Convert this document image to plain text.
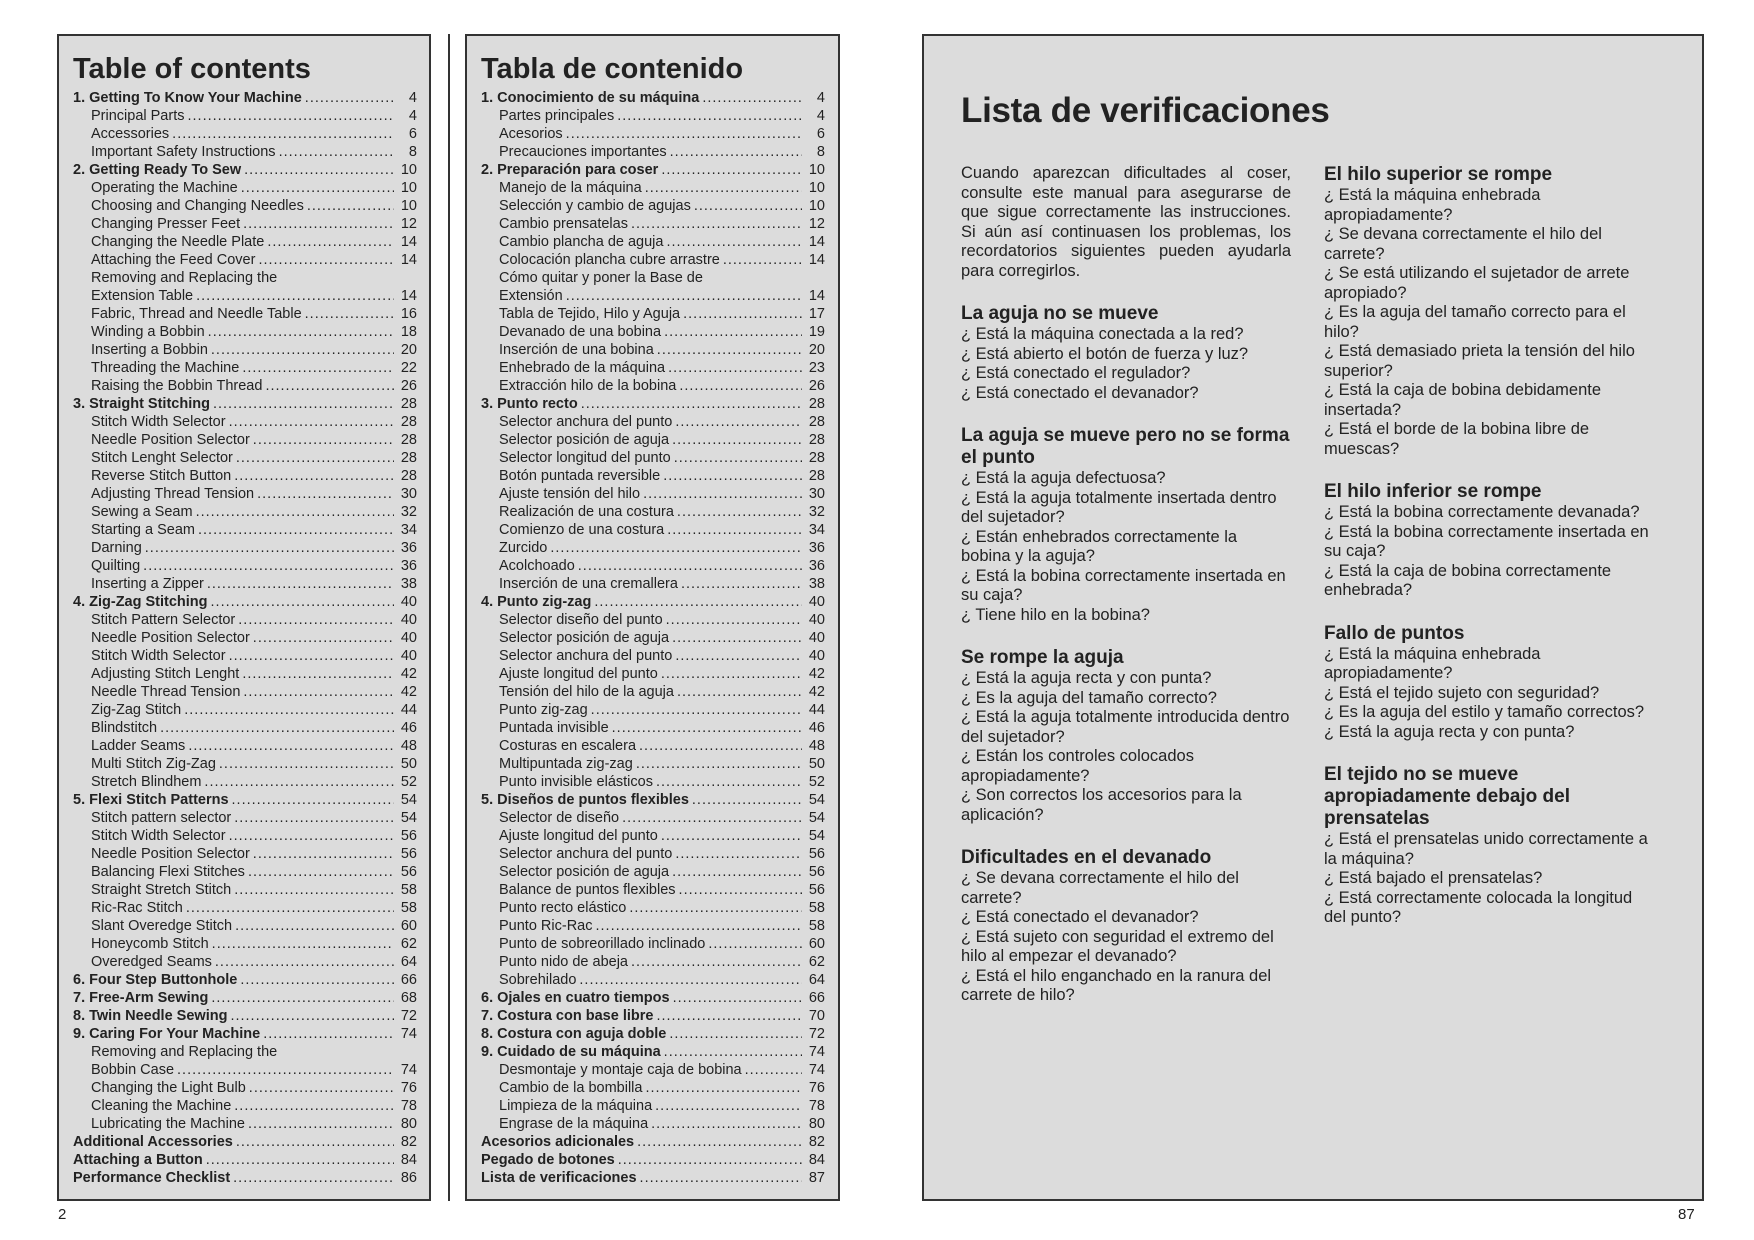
Table of contents
1. Getting To Know Your Machine .....	4
Principal Parts .....	4
Accessories .....	6
Important Safety Instructions .....	8
2. Getting Ready To Sew .....	10
Operating the Machine .....	10
Choosing and Changing Needles .....	10
Changing Presser Feet .....	12
Changing the Needle Plate .....	14
Attaching the Feed Cover .....	14
Removing and Replacing the
Extension Table .....	14
Fabric, Thread and Needle Table .....	16
Winding a Bobbin .....	18
Inserting a Bobbin .....	20
Threading the Machine .....	22
Raising the Bobbin Thread .....	26
3. Straight Stitching .....	28
Stitch Width Selector .....	28
Needle Position Selector .....	28
Stitch Lenght Selector .....	28
Reverse Stitch Button .....	28
Adjusting Thread Tension .....	30
Sewing a Seam .....	32
Starting a Seam .....	34
Darning .....	36
Quilting .....	36
Inserting a Zipper .....	38
4. Zig-Zag Stitching .....	40
Stitch Pattern Selector .....	40
Needle Position Selector .....	40
Stitch Width Selector .....	40
Adjusting Stitch Lenght .....	42
Needle Thread Tension .....	42
Zig-Zag Stitch .....	44
Blindstitch .....	46
Ladder Seams .....	48
Multi Stitch Zig-Zag .....	50
Stretch Blindhem .....	52
5. Flexi Stitch Patterns .....	54
Stitch pattern selector .....	54
Stitch Width Selector .....	56
Needle Position Selector .....	56
Balancing Flexi Stitches .....	56
Straight Stretch Stitch .....	58
Ric-Rac Stitch .....	58
Slant Overedge Stitch .....	60
Honeycomb Stitch .....	62
Overedged Seams .....	64
6. Four Step Buttonhole .....	66
7. Free-Arm Sewing .....	68
8. Twin Needle Sewing .....	72
9. Caring For Your Machine .....	74
Removing and Replacing the
Bobbin Case .....	74
Changing the Light Bulb .....	76
Cleaning the Machine .....	78
Lubricating the Machine .....	80
Additional Accessories .....	82
Attaching a Button .....	84
Performance Checklist .....	86
Tabla de contenido
1. Conocimiento de su máquina .....	4
Partes principales .....	4
Acesorios .....	6
Precauciones importantes .....	8
2. Preparación para coser .....	10
Manejo de la máquina .....	10
Selección y cambio de agujas .....	10
Cambio prensatelas .....	12
Cambio plancha de aguja .....	14
Colocación plancha cubre arrastre .....	14
Cómo quitar y poner la Base de
Extensión .....	14
Tabla de Tejido, Hilo y Aguja .....	17
Devanado de una bobina .....	19
Inserción de una bobina .....	20
Enhebrado de la máquina .....	23
Extracción hilo de la bobina .....	26
3. Punto recto .....	28
Selector anchura del punto .....	28
Selector posición de aguja .....	28
Selector longitud del punto .....	28
Botón puntada reversible .....	28
Ajuste tensión del hilo .....	30
Realización de una costura .....	32
Comienzo de una costura .....	34
Zurcido .....	36
Acolchoado .....	36
Inserción de una cremallera .....	38
4. Punto zig-zag .....	40
Selector diseño del punto .....	40
Selector posición de aguja .....	40
Selector anchura del punto .....	40
Ajuste longitud del punto .....	42
Tensión del hilo de la aguja .....	42
Punto zig-zag .....	44
Puntada invisible .....	46
Costuras en escalera .....	48
Multipuntada zig-zag .....	50
Punto invisible elásticos .....	52
5. Diseños de puntos flexibles .....	54
Selector de diseño .....	54
Ajuste longitud del punto .....	54
Selector anchura del punto .....	56
Selector posición de aguja .....	56
Balance de puntos flexibles .....	56
Punto recto elástico .....	58
Punto Ric-Rac .....	58
Punto de sobreorillado inclinado .....	60
Punto nido de abeja .....	62
Sobrehilado .....	64
6. Ojales en cuatro tiempos .....	66
7. Costura con base libre .....	70
8. Costura con aguja doble .....	72
9. Cuidado de su máquina .....	74
Desmontaje y montaje caja de bobina .....	74
Cambio de la bombilla .....	76
Limpieza de la máquina .....	78
Engrase de la máquina .....	80
Acesorios adicionales .....	82
Pegado de botones .....	84
Lista de verificaciones .....	87
Lista de verificaciones

Cuando aparezcan dificultades al coser, consulte este manual para asegurarse de que sigue correctamente las instrucciones. Si aún así continuasen los problemas, los recordatorios siguientes pueden ayudarla para corregirlos.

La aguja no se mueve
¿ Está la máquina conectada a la red?
¿ Está abierto el botón de fuerza y luz?
¿ Está conectado el regulador?
¿ Está conectado el devanador?
La aguja se mueve pero no se forma el punto
¿ Está la aguja defectuosa?
¿ Está la aguja totalmente insertada dentro del sujetador?
¿ Están enhebrados correctamente la bobina y la aguja?
¿ Está la bobina correctamente insertada en su caja?
¿ Tiene hilo en la bobina?
Se rompe la aguja
¿ Está la aguja recta y con punta?
¿ Es la aguja del tamaño correcto?
¿ Está la aguja totalmente introducida dentro del sujetador?
¿ Están los controles colocados apropiadamente?
¿ Son correctos los accesorios para la aplicación?
Dificultades en el devanado
¿ Se devana correctamente el hilo del carrete?
¿ Está conectado el devanador?
¿ Está sujeto con seguridad el extremo del hilo al empezar el devanado?
¿ Está el hilo enganchado en la ranura del carrete de hilo?
El hilo superior se rompe
¿ Está la máquina enhebrada apropiadamente?
¿ Se devana correctamente el hilo del carrete?
¿ Se está utilizando el sujetador de arrete apropiado?
¿ Es la aguja del tamaño correcto para el hilo?
¿ Está demasiado prieta la tensión del hilo superior?
¿ Está la caja de bobina debidamente insertada?
¿ Está el borde de la bobina libre de muescas?
El hilo inferior se rompe
¿ Está la bobina correctamente devanada?
¿ Está la bobina correctamente insertada en su caja?
¿ Está la caja de bobina correctamente enhebrada?
Fallo de puntos
¿ Está la máquina enhebrada apropiadamente?
¿ Está el tejido sujeto con seguridad?
¿ Es la aguja del estilo y tamaño correctos?
¿ Está la aguja recta y con punta?
El tejido no se mueve apropiadamente debajo del prensatelas
¿ Está el prensatelas unido correctamente a la máquina?
¿ Está bajado el prensatelas?
¿ Está correctamente colocada la longitud del punto?
2	87
